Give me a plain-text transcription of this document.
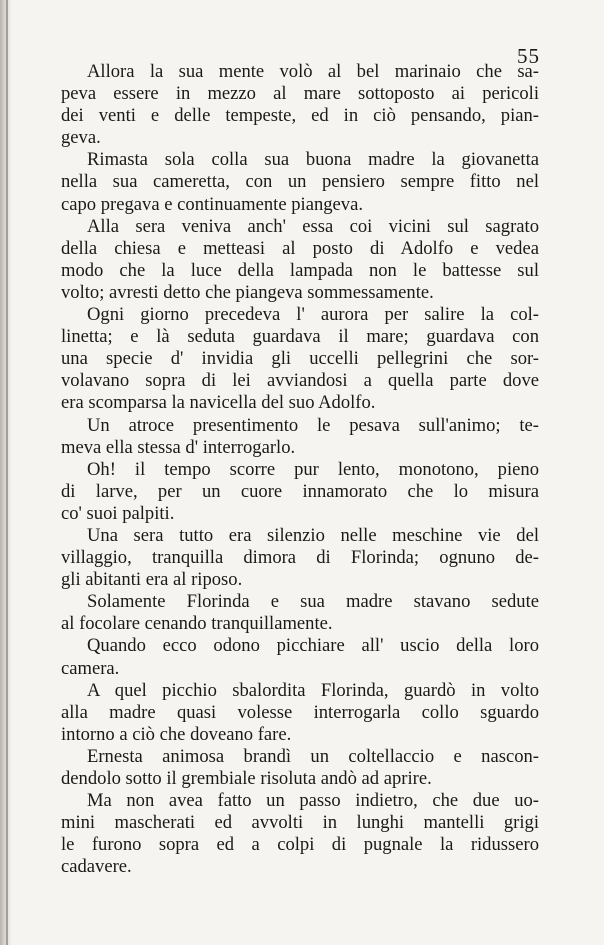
55
Allora la sua mente volò al bel marinaio che sa-
peva essere in mezzo al mare sottoposto ai pericoli
dei venti e delle tempeste, ed in ciò pensando, pian-
geva.
Rimasta sola colla sua buona madre la giovanetta
nella sua cameretta, con un pensiero sempre fitto nel
capo pregava e continuamente piangeva.
Alla sera veniva anch' essa coi vicini sul sagrato
della chiesa e metteasi al posto di Adolfo e vedea
modo che la luce della lampada non le battesse sul
volto; avresti detto che piangeva sommessamente.
Ogni giorno precedeva l' aurora per salire la col-
linetta; e là seduta guardava il mare; guardava con
una specie d' invidia gli uccelli pellegrini che sor-
volavano sopra di lei avviandosi a quella parte dove
era scomparsa la navicella del suo Adolfo.
Un atroce presentimento le pesava sull'animo; te-
meva ella stessa d' interrogarlo.
Oh! il tempo scorre pur lento, monotono, pieno
di larve, per un cuore innamorato che lo misura
co' suoi palpiti.
Una sera tutto era silenzio nelle meschine vie del
villaggio, tranquilla dimora di Florinda; ognuno de-
gli abitanti era al riposo.
Solamente Florinda e sua madre stavano sedute
al focolare cenando tranquillamente.
Quando ecco odono picchiare all' uscio della loro
camera.
A quel picchio sbalordita Florinda, guardò in volto
alla madre quasi volesse interrogarla collo sguardo
intorno a ciò che doveano fare.
Ernesta animosa brandì un coltellaccio e nascon-
dendolo sotto il grembiale risoluta andò ad aprire.
Ma non avea fatto un passo indietro, che due uo-
mini mascherati ed avvolti in lunghi mantelli grigi
le furono sopra ed a colpi di pugnale la ridussero
cadavere.
